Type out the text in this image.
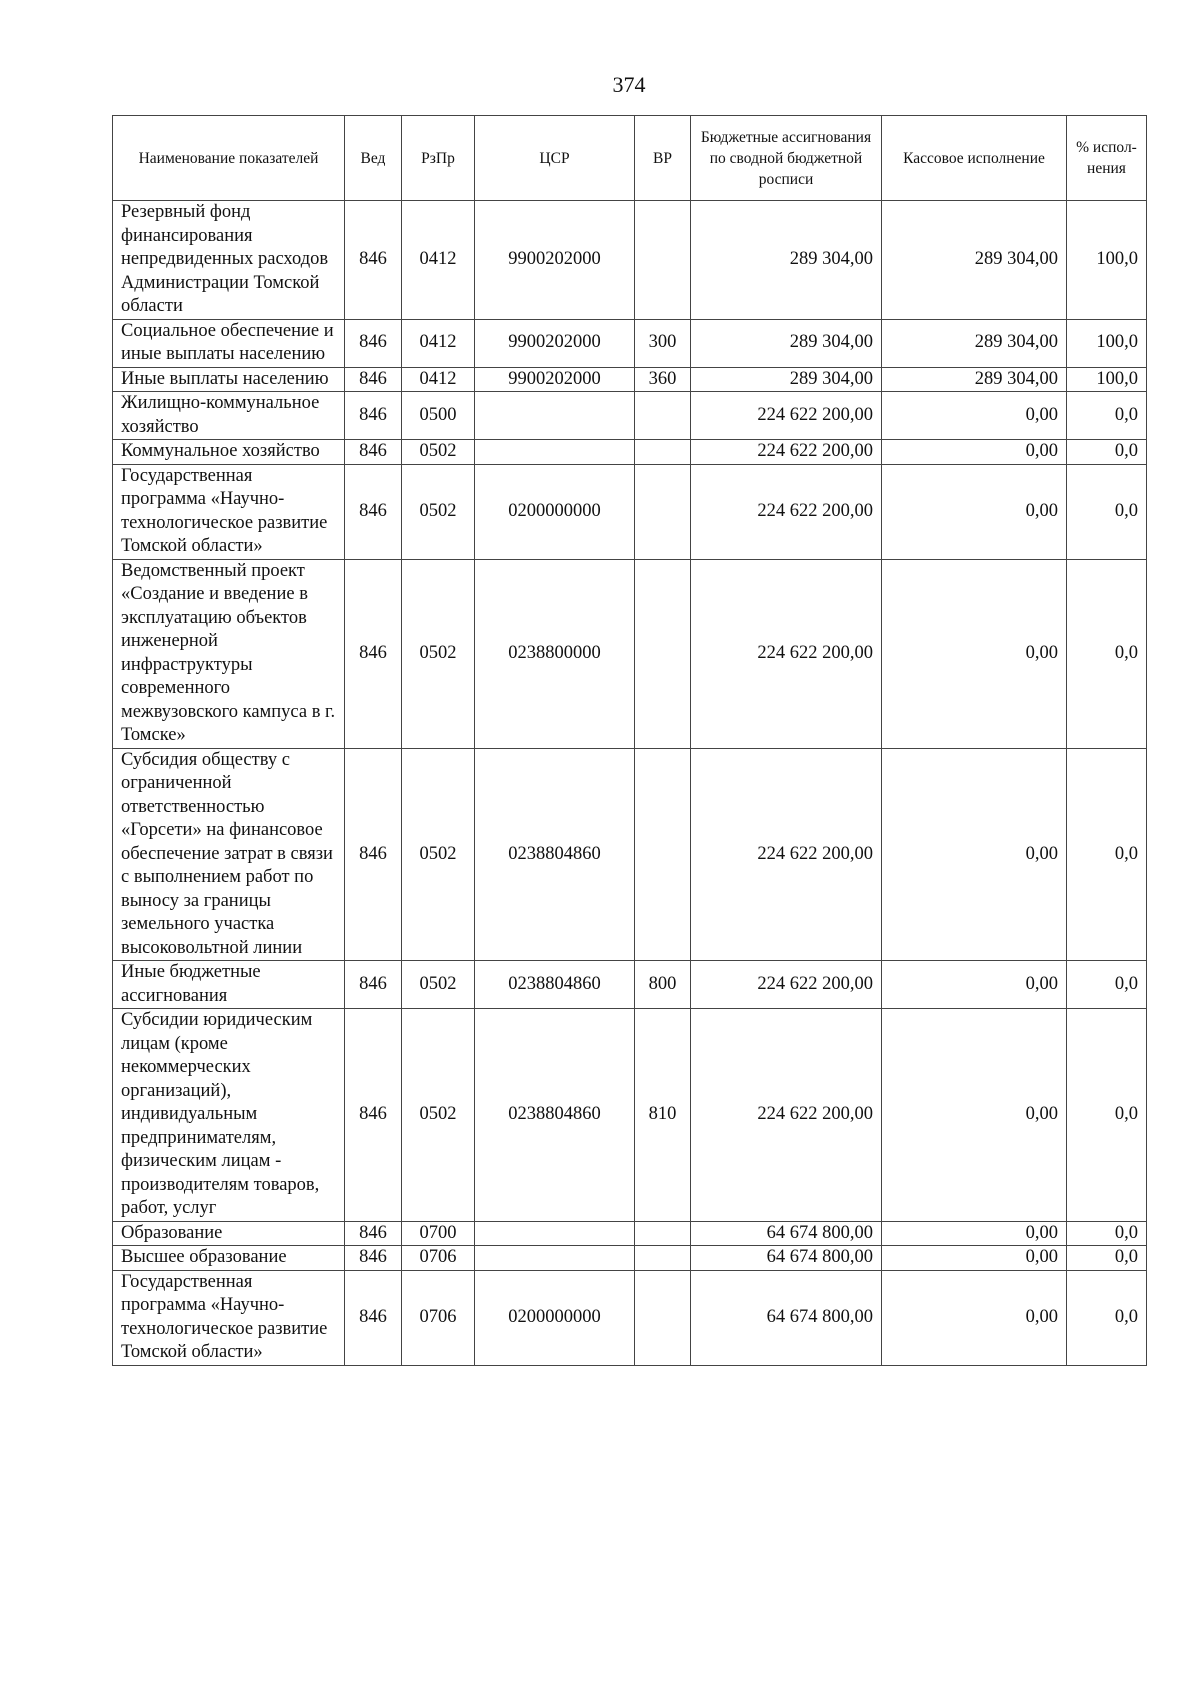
374
Наименование показателей	Вед	РзПр	ЦСР	ВР	Бюджетные ассигнования по сводной бюджетной росписи	Кассовое исполнение	% испол-нения
Резервный фонд финансирования непредвиденных расходов Администрации Томской области	846	0412	9900202000		289 304,00	289 304,00	100,0
Социальное обеспечение и иные выплаты населению	846	0412	9900202000	300	289 304,00	289 304,00	100,0
Иные выплаты населению	846	0412	9900202000	360	289 304,00	289 304,00	100,0
Жилищно-коммунальное хозяйство	846	0500			224 622 200,00	0,00	0,0
Коммунальное хозяйство	846	0502			224 622 200,00	0,00	0,0
Государственная программа «Научно-технологическое развитие Томской области»	846	0502	0200000000		224 622 200,00	0,00	0,0
Ведомственный проект «Создание и введение в эксплуатацию объектов инженерной инфраструктуры современного межвузовского кампуса в г. Томске»	846	0502	0238800000		224 622 200,00	0,00	0,0
Субсидия обществу с ограниченной ответственностью «Горсети» на финансовое обеспечение затрат в связи с выполнением работ по выносу за границы земельного участка высоковольтной линии	846	0502	0238804860		224 622 200,00	0,00	0,0
Иные бюджетные ассигнования	846	0502	0238804860	800	224 622 200,00	0,00	0,0
Субсидии юридическим лицам (кроме некоммерческих организаций), индивидуальным предпринимателям, физическим лицам - производителям товаров, работ, услуг	846	0502	0238804860	810	224 622 200,00	0,00	0,0
Образование	846	0700			64 674 800,00	0,00	0,0
Высшее образование	846	0706			64 674 800,00	0,00	0,0
Государственная программа «Научно-технологическое развитие Томской области»	846	0706	0200000000		64 674 800,00	0,00	0,0
